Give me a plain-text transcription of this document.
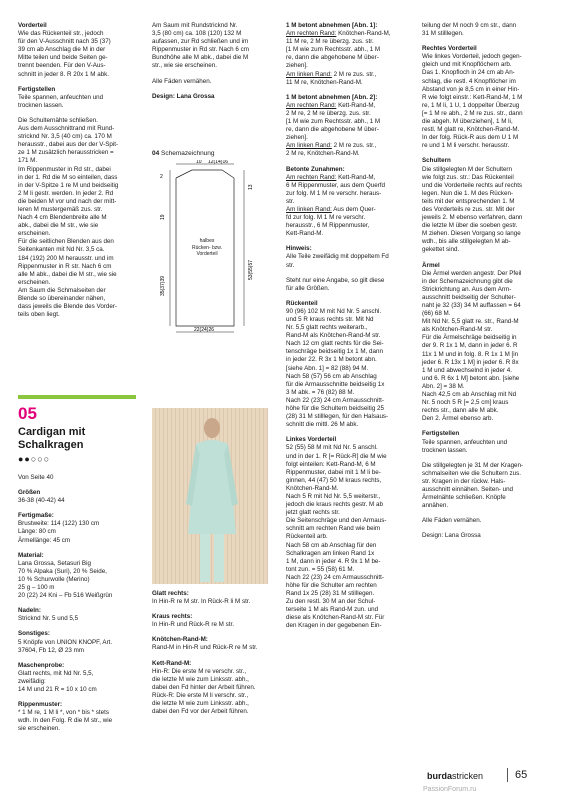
Vorderteil

Wie das Rückenteil str., jedoch
für den V-Ausschnitt nach 35 (37)
39 cm ab Anschlag die M in der
Mitte teilen und beide Seiten ge-
trennt beenden. Für den V-Aus-
schnitt in jeder 8. R 20x 1 M abk.

Fertigstellen

Teile spannen, anfeuchten und
trocknen lassen.

Die Schulternähte schließen.
Aus dem Ausschnittrand mit Rund-
stricknd Nr. 3,5 (40 cm) ca. 170 M
herausstr., dabei aus der der V-Spit-
ze 1 M zusätzlich herausstricken =
171 M.
Im Rippenmuster in Rd str., dabei
in der 1. Rd die M so einteilen, dass
in der V-Spitze 1 re M und beidseitig
2 M li gestr. werden. In jeder 2. Rd
die beiden M vor und nach der mitt-
leren M mustergemäß zus. str.
Nach 4 cm Blendenbreite alle M
abk., dabei die M str., wie sie
erscheinen.
Für die seitlichen Blenden aus den
Seitenkanten mit Nd Nr. 3,5 ca.
184 (192) 200 M herausstr. und im
Rippenmuster in R str. Nach 6 cm
alle M abk., dabei die M str., wie sie
erscheinen.
Am Saum die Schmalseiten der
Blende so übereinander nähen,
dass jeweils die Blende des Vorder-
teils oben liegt.

05
Cardigan mit
Schalkragen
●●○○○

Von Seite 40

Größen

36-38 (40-42) 44

Fertigmaße:

Brustweite: 114 (122) 130 cm
Länge: 80 cm
Ärmellänge: 45 cm

Material:

Lana Grossa, Setasuri Big
70 % Alpaka (Suri), 20 % Seide,
10 % Schurwolle (Merino)
25 g – 100 m
20 (22) 24 Kni – Fb 516 Weißgrün

Nadeln:

Stricknd Nr. 5 und 5,5

Sonstiges:

5 Knöpfe von UNION KNOPF, Art.
37604, Fb 12, Ø 23 mm

Maschenprobe:

Glatt rechts, mit Nd Nr. 5,5,
zweifädig:
14 M und 21 R = 10 x 10 cm

Rippenmuster:

* 1 M re, 1 M li *, von * bis * stets
wdh. In den Folg. R die M str., wie
sie erscheinen.

Am Saum mit Rundstricknd Nr.
3,5 (80 cm) ca. 108 (120) 132 M
aufassen, zur Rd schließen und im
Rippenmuster in Rd str. Nach 6 cm
Bundhöhe alle M abk., dabei die M
str., wie sie erscheinen.

Alle Fäden vernähen.

Design: Lana Grossa

04 Schemazeichnung
10 12(14)16
2
19
35(37)39
13
53(55)57
22(24)26
halbes
Rücken- bzw.
Vorderteil

Glatt rechts:

In Hin-R re M str. In Rück-R li M str.

Kraus rechts:

In Hin-R und Rück-R re M str.

Knötchen-Rand-M:

Rand-M in Hin-R und Rück-R re M str.

Kett-Rand-M:

Hin-R: Die erste M re verschr. str.,
die letzte M wie zum Linksstr. abh.,
dabei den Fd hinter der Arbeit führen.
Rück-R: Die erste M li verschr. str.,
die letzte M wie zum Linksstr. abh.,
dabei den Fd vor der Arbeit führen.

1 M betont abnehmen [Abn. 1]:

Am rechten Rand: Knötchen-Rand-M,
11 M re, 2 M re überzg. zus. str.
[1 M wie zum Rechtsstr. abh., 1 M
re, dann die abgehobene M über-
ziehen].

Am linken Rand: 2 M re zus. str.,
11 M re, Knötchen-Rand-M.

1 M betont abnehmen [Abn. 2]:

Am rechten Rand: Kett-Rand-M,
2 M re, 2 M re überzg. zus. str.
[1 M wie zum Rechtsstr. abh., 1 M
re, dann die abgehobene M über-
ziehen].

Am linken Rand: 2 M re zus. str.,
2 M re, Knötchen-Rand-M.

Betonte Zunahmen:

Am rechten Rand: Kett-Rand-M,
6 M Rippenmuster, aus dem Querfd
zur folg. M 1 M re verschr. heraus-
str.

Am linken Rand: Aus dem Quer-
fd zur folg. M 1 M re verschr.
herausstr., 6 M Rippenmuster,
Kett-Rand-M.

Hinweis:

Alle Teile zweifädig mit doppeltem Fd
str.

Steht nur eine Angabe, so gilt diese
für alle Größen.

Rückenteil

90 (96) 102 M mit Nd Nr. 5 anschl.
und 5 R kraus rechts str. Mit Nd
Nr. 5,5 glatt rechts weiterarb.,
Rand-M als Knötchen-Rand-M str.
Nach 12 cm glatt rechts für die Sei-
tenschräge beidseitig 1x 1 M, dann
in jeder 22. R 3x 1 M betont abn.
[siehe Abn. 1] = 82 (88) 94 M.
Nach 58 (57) 56 cm ab Anschlag
für die Armausschnitte beidseitig 1x
3 M abk. = 76 (82) 88 M.
Nach 22 (23) 24 cm Armausschnitt-
höhe für die Schultern beidseitig 25
(28) 31 M stilllegen, für den Halsaus-
schnitt die mittl. 26 M abk.

Linkes Vorderteil

52 (55) 58 M mit Nd Nr. 5 anschl.
und in der 1. R [= Rück-R] die M wie
folgt einteilen: Kett-Rand-M, 6 M
Rippenmuster, dabei mit 1 M li be-
ginnen, 44 (47) 50 M kraus rechts,
Knötchen-Rand-M.
Nach 5 R mit Nd Nr. 5,5 weiterstr.,
jedoch die kraus rechts gestr. M ab
jetzt glatt rechts str.
Die Seitenschräge und den Armaus-
schnitt am rechten Rand wie beim
Rückenteil arb.
Nach 58 cm ab Anschlag für den
Schalkragen am linken Rand 1x
1 M, dann in jeder 4. R 9x 1 M be-
tont zun. = 55 (58) 61 M.
Nach 22 (23) 24 cm Armausschnitt-
höhe für die Schulter am rechten
Rand 1x 25 (28) 31 M stilllegen.
Zu den restl. 30 M an der Schul-
terseite 1 M als Rand-M zun. und
diese als Knötchen-Rand-M str. Für
den Kragen in der gegebenen Ein-

teilung der M noch 9 cm str., dann
31 M stilllegen.

Rechtes Vorderteil

Wie linkes Vorderteil, jedoch gegen-
gleich und mit Knopflöchern arb.
Das 1. Knopfloch in 24 cm ab An-
schlag, die restl. 4 Knopflöcher im
Abstand von je 8,5 cm in einer Hin-
R wie folgt einstr.: Kett-Rand-M, 1 M
re, 1 M li, 1 U, 1 doppelter Überzug
[= 1 M re abh., 2 M re zus. str., dann
die abgeh. M überziehen], 1 M li,
restl. M glatt re, Knötchen-Rand-M.
In der folg. Rück-R aus dem U 1 M
re und 1 M li verschr. herausstr.

Schultern

Die stillgelegten M der Schultern
wie folgt zus. str.: Das Rückenteil
und die Vorderteile rechts auf rechts
legen. Nun die 1. M des Rücken-
teils mit der entsprechenden 1. M
des Vorderteils re zus. str. Mit der
jeweils 2. M ebenso verfahren, dann
die letzte M über die soeben gestr.
M ziehen. Diesen Vorgang so lange
wdh., bis alle stillgelegten M ab-
gekettet sind.

Ärmel

Die Ärmel werden angestr. Der Pfeil
in der Schemazeichnung gibt die
Strickrichtung an. Aus dem Arm-
ausschnitt beidseitig der Schulter-
naht je 32 (33) 34 M auffassen = 64
(66) 68 M.
Mit Nd Nr. 5,5 glatt re. str., Rand-M
als Knötchen-Rand-M str.
Für die Ärmelschräge beidseitig in
der 9. R 1x 1 M, dann in jeder 6. R
11x 1 M und in folg. 8. R 1x 1 M [in
jeder 6. R 13x 1 M] in jeder 6. R 8x
1 M und abwechselnd in jeder 4.
und 6. R 6x 1 M] betont abn. [siehe
Abn. 2] = 38 M.
Nach 42,5 cm ab Anschlag mit Nd
Nr. 5 noch 5 R [= 2,5 cm] kraus
rechts str., dann alle M abk.
Den 2. Ärmel ebenso arb.

Fertigstellen

Teile spannen, anfeuchten und
trocknen lassen.

Die stillgelegten je 31 M der Kragen-
schmalseiten wie die Schultern zus.
str. Kragen in der rückw. Hals-
ausschnitt einnähen. Seiten- und
Ärmelnähte schließen. Knöpfe
annähen.

Alle Fäden vernähen.

Design: Lana Grossa

burdastricken	65
PassionForum.ru
